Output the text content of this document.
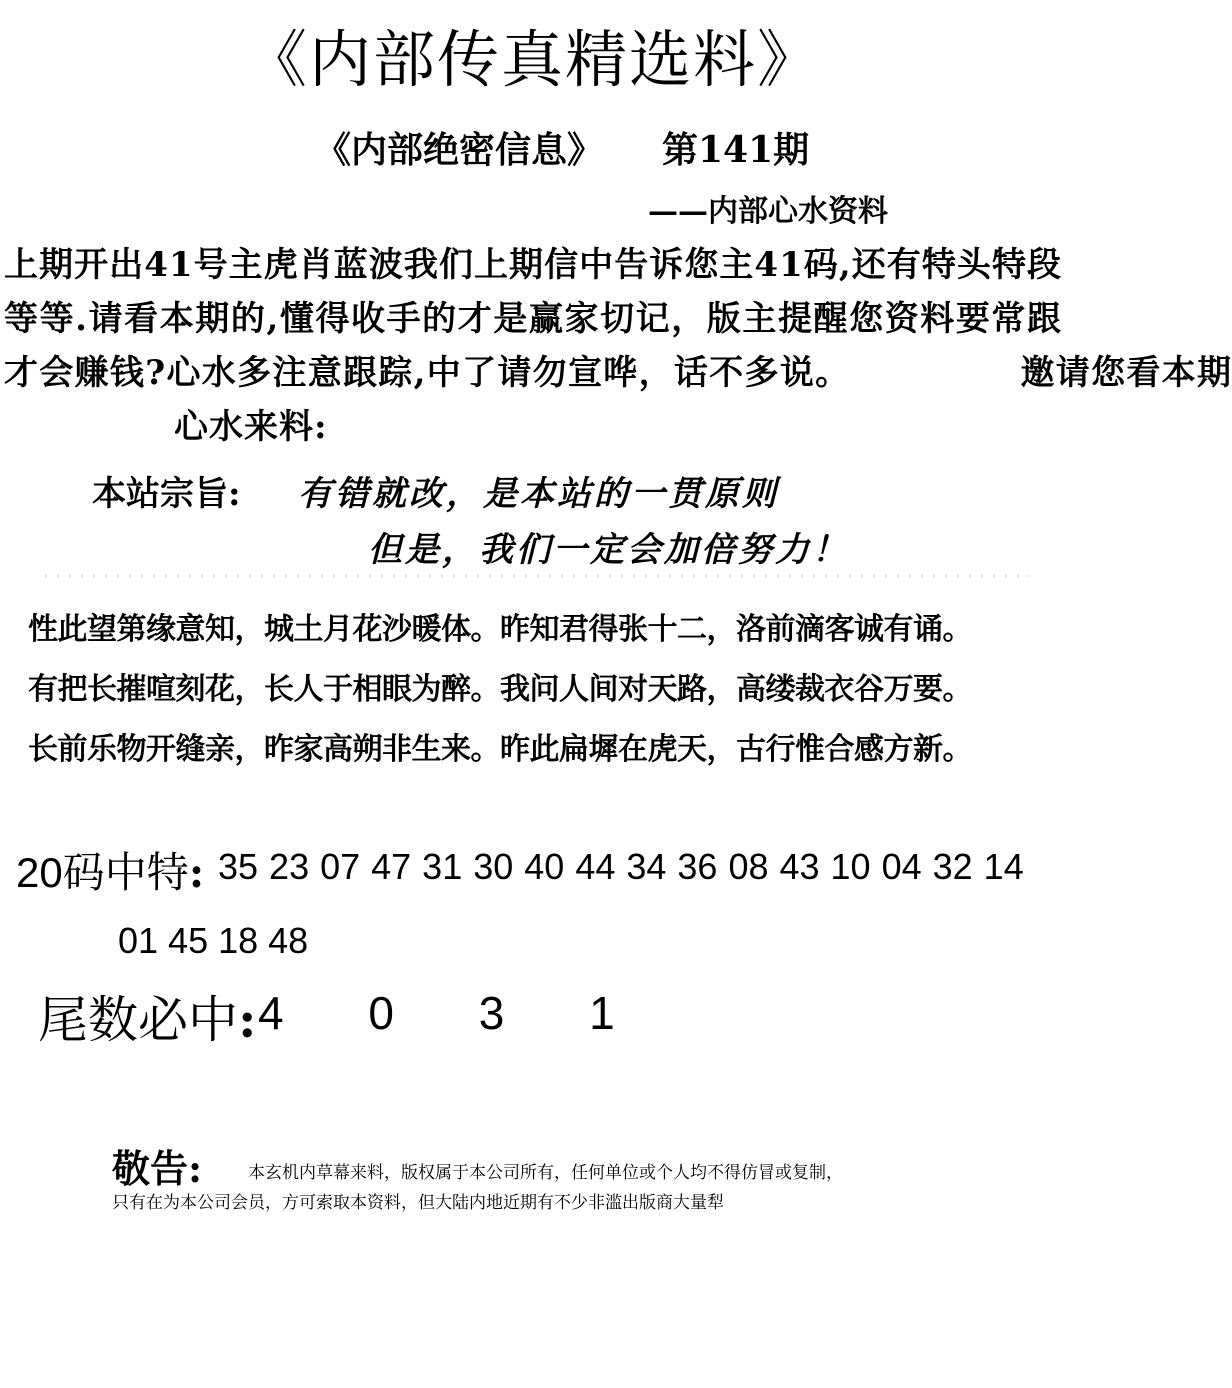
《内部传真精选料》
《内部绝密信息》 第141期
——内部心水资料
上期开出41号主虎肖蓝波我们上期信中告诉您主41码,还有特头特段等等.请看本期的,懂得收手的才是赢家切记，版主提醒您资料要常跟才会赚钱?心水多注意跟踪,中了请勿宣哗，话不多说。	邀请您看本期心水来料:
本站宗旨: 有错就改，是本站的一贯原则
但是，我们一定会加倍努力！
性此望第缘意知，城土月花沙暖体。昨知君得张十二，洛前滴客诚有诵。
有把长摧喧刻花，长人于相眼为醉。我问人间对天路，高缕裁衣谷万要。
长前乐物开缝亲，昨家高朔非生来。昨此扁墀在虎天，古行惟合感方新。
20码中特: 35 23 07 47 31 30 40 44 34 36 08 43 10 04 32 14
01 45 18 48
尾数必中: 4 0 3 1
敬告:	本玄机内草幕来料，版权属于本公司所有，任何单位或个人均不得仿冒或复制，
只有在为本公司会员，方可索取本资料，但大陆内地近期有不少非滥出版商大量犁
